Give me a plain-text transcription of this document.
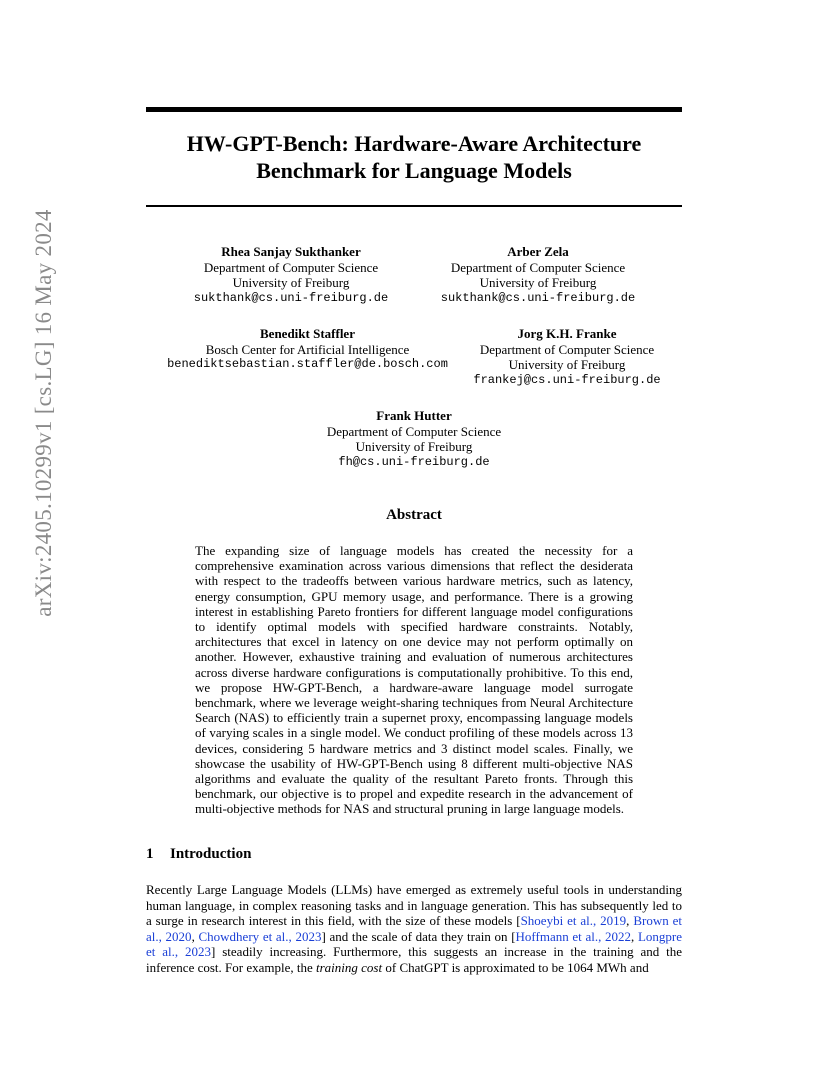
arXiv:2405.10299v1 [cs.LG] 16 May 2024
HW-GPT-Bench: Hardware-Aware Architecture
Benchmark for Language Models
Rhea Sanjay Sukthanker
Department of Computer Science
University of Freiburg
sukthank@cs.uni-freiburg.de
Arber Zela
Department of Computer Science
University of Freiburg
sukthank@cs.uni-freiburg.de
Benedikt Staffler
Bosch Center for Artificial Intelligence
benediktsebastian.staffler@de.bosch.com
Jorg K.H. Franke
Department of Computer Science
University of Freiburg
frankej@cs.uni-freiburg.de
Frank Hutter
Department of Computer Science
University of Freiburg
fh@cs.uni-freiburg.de
Abstract
The expanding size of language models has created the necessity for a comprehensive examination across various dimensions that reflect the desiderata with respect to the tradeoffs between various hardware metrics, such as latency, energy consumption, GPU memory usage, and performance. There is a growing interest in establishing Pareto frontiers for different language model configurations to identify optimal models with specified hardware constraints. Notably, architectures that excel in latency on one device may not perform optimally on another. However, exhaustive training and evaluation of numerous architectures across diverse hardware configurations is computationally prohibitive. To this end, we propose HW-GPT-Bench, a hardware-aware language model surrogate benchmark, where we leverage weight-sharing techniques from Neural Architecture Search (NAS) to efficiently train a supernet proxy, encompassing language models of varying scales in a single model. We conduct profiling of these models across 13 devices, considering 5 hardware metrics and 3 distinct model scales. Finally, we showcase the usability of HW-GPT-Bench using 8 different multi-objective NAS algorithms and evaluate the quality of the resultant Pareto fronts. Through this benchmark, our objective is to propel and expedite research in the advancement of multi-objective methods for NAS and structural pruning in large language models.
1 Introduction
Recently Large Language Models (LLMs) have emerged as extremely useful tools in understanding human language, in complex reasoning tasks and in language generation. This has subsequently led to a surge in research interest in this field, with the size of these models [Shoeybi et al., 2019, Brown et al., 2020, Chowdhery et al., 2023] and the scale of data they train on [Hoffmann et al., 2022, Longpre et al., 2023] steadily increasing. Furthermore, this suggests an increase in the training and the inference cost. For example, the training cost of ChatGPT is approximated to be 1064 MWh and
